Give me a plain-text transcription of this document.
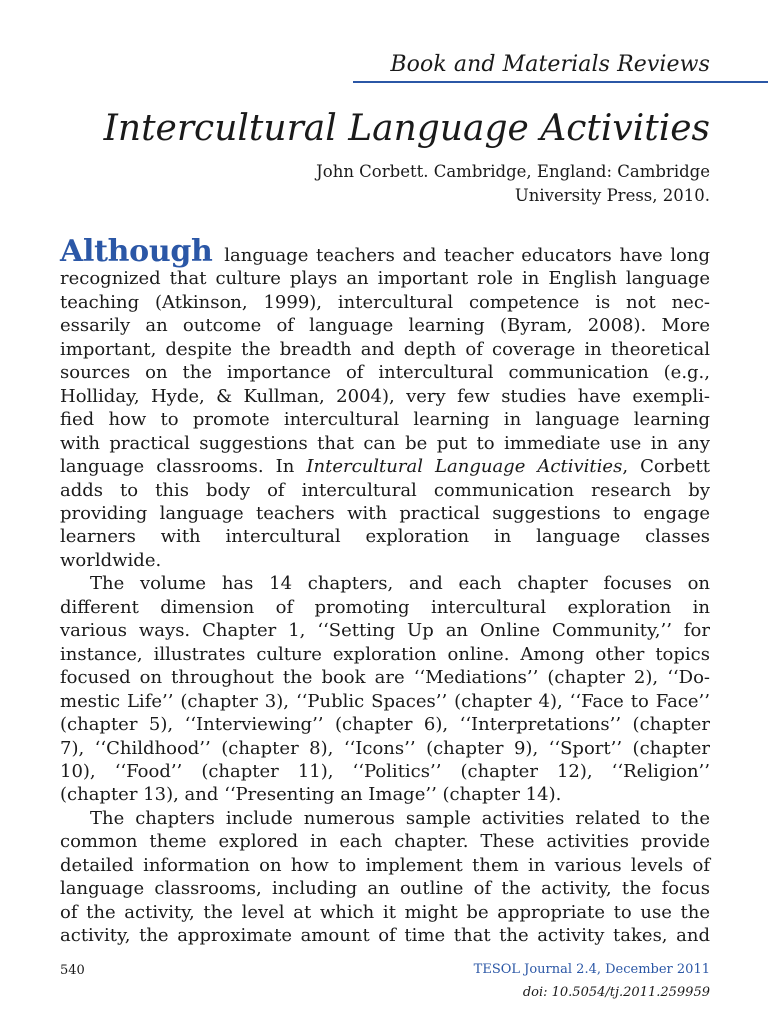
Book and Materials Reviews
Intercultural Language Activities
John Corbett. Cambridge, England: Cambridge
University Press, 2010.
Although language teachers and teacher educators have long
recognized that culture plays an important role in English language
teaching (Atkinson, 1999), intercultural competence is not nec-
essarily an outcome of language learning (Byram, 2008). More
important, despite the breadth and depth of coverage in theoretical
sources on the importance of intercultural communication (e.g.,
Holliday, Hyde, & Kullman, 2004), very few studies have exempli-
fied how to promote intercultural learning in language learning
with practical suggestions that can be put to immediate use in any
language classrooms. In Intercultural Language Activities, Corbett
adds to this body of intercultural communication research by
providing language teachers with practical suggestions to engage
learners with intercultural exploration in language classes
worldwide.
The volume has 14 chapters, and each chapter focuses on
different dimension of promoting intercultural exploration in
various ways. Chapter 1, ‘‘Setting Up an Online Community,’’ for
instance, illustrates culture exploration online. Among other topics
focused on throughout the book are ‘‘Mediations’’ (chapter 2), ‘‘Do-
mestic Life’’ (chapter 3), ‘‘Public Spaces’’ (chapter 4), ‘‘Face to Face’’
(chapter 5), ‘‘Interviewing’’ (chapter 6), ‘‘Interpretations’’ (chapter
7), ‘‘Childhood’’ (chapter 8), ‘‘Icons’’ (chapter 9), ‘‘Sport’’ (chapter
10), ‘‘Food’’ (chapter 11), ‘‘Politics’’ (chapter 12), ‘‘Religion’’
(chapter 13), and ‘‘Presenting an Image’’ (chapter 14).
The chapters include numerous sample activities related to the
common theme explored in each chapter. These activities provide
detailed information on how to implement them in various levels of
language classrooms, including an outline of the activity, the focus
of the activity, the level at which it might be appropriate to use the
activity, the approximate amount of time that the activity takes, and
540	TESOL Journal 2.4, December 2011
doi: 10.5054/tj.2011.259959
